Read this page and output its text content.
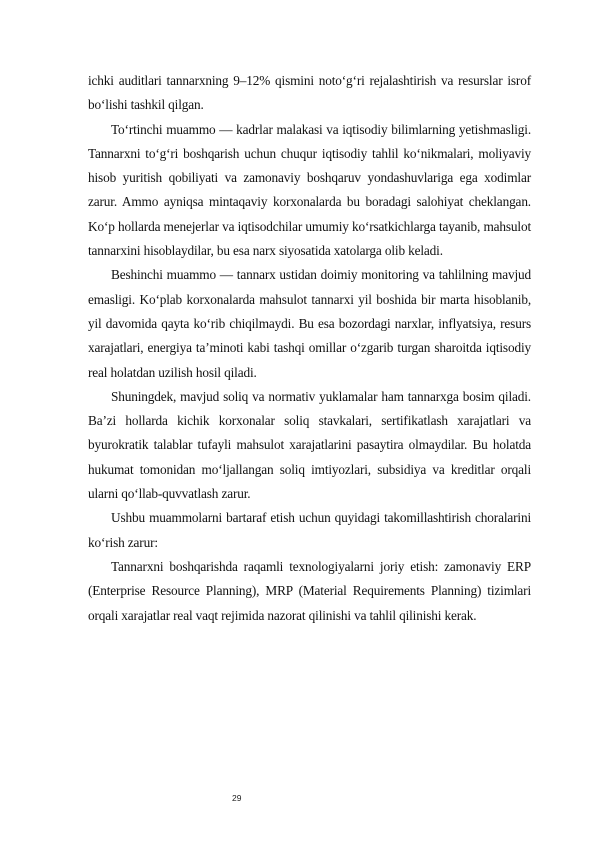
ichki auditlari tannarxning 9–12% qismini noto‘g‘ri rejalashtirish va resurslar isrof bo‘lishi tashkil qilgan.

To‘rtinchi muammo — kadrlar malakasi va iqtisodiy bilimlarning yetishmasligi. Tannarxni to‘g‘ri boshqarish uchun chuqur iqtisodiy tahlil ko‘nikmalari, moliyaviy hisob yuritish qobiliyati va zamonaviy boshqaruv yondashuvlariga ega xodimlar zarur. Ammo ayniqsa mintaqaviy korxonalarda bu boradagi salohiyat cheklangan. Ko‘p hollarda menejerlar va iqtisodchilar umumiy ko‘rsatkichlarga tayanib, mahsulot tannarxini hisoblaydilar, bu esa narx siyosatida xatolarga olib keladi.

Beshinchi muammo — tannarx ustidan doimiy monitoring va tahlilning mavjud emasligi. Ko‘plab korxonalarda mahsulot tannarxi yil boshida bir marta hisoblanib, yil davomida qayta ko‘rib chiqilmaydi. Bu esa bozordagi narxlar, inflyatsiya, resurs xarajatlari, energiya ta’minoti kabi tashqi omillar o‘zgarib turgan sharoitda iqtisodiy real holatdan uzilish hosil qiladi.

Shuningdek, mavjud soliq va normativ yuklamalar ham tannarxga bosim qiladi. Ba’zi hollarda kichik korxonalar soliq stavkalari, sertifikatlash xarajatlari va byurokratik talablar tufayli mahsulot xarajatlarini pasaytira olmaydilar. Bu holatda hukumat tomonidan mo‘ljallangan soliq imtiyozlari, subsidiya va kreditlar orqali ularni qo‘llab-quvvatlash zarur.

Ushbu muammolarni bartaraf etish uchun quyidagi takomillashtirish choralarini ko‘rish zarur:

Tannarxni boshqarishda raqamli texnologiyalarni joriy etish: zamonaviy ERP (Enterprise Resource Planning), MRP (Material Requirements Planning) tizimlari orqali xarajatlar real vaqt rejimida nazorat qilinishi va tahlil qilinishi kerak.

29
